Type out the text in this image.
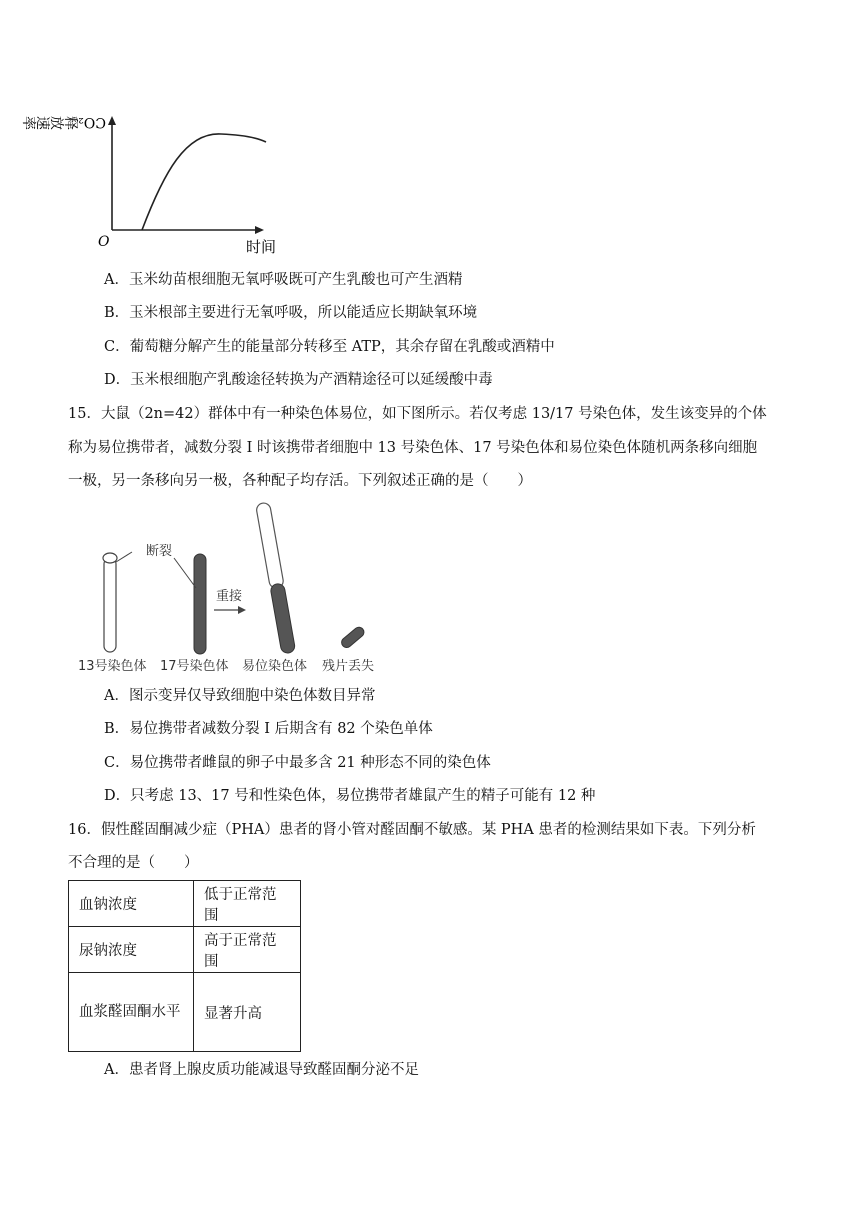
CO₂释放速率
O	时间
A．玉米幼苗根细胞无氧呼吸既可产生乳酸也可产生酒精
B．玉米根部主要进行无氧呼吸，所以能适应长期缺氧环境
C．葡萄糖分解产生的能量部分转移至 ATP，其余存留在乳酸或酒精中
D．玉米根细胞产乳酸途径转换为产酒精途径可以延缓酸中毒
15．大鼠（2n=42）群体中有一种染色体易位，如下图所示。若仅考虑 13/17 号染色体，发生该变异的个体
称为易位携带者，减数分裂 I 时该携带者细胞中 13 号染色体、17 号染色体和易位染色体随机两条移向细胞
一极，另一条移向另一极，各种配子均存活。下列叙述正确的是（　　）
断裂
重接
13号染色体 17号染色体 易位染色体 残片丢失
A．图示变异仅导致细胞中染色体数目异常
B．易位携带者减数分裂 I 后期含有 82 个染色单体
C．易位携带者雌鼠的卵子中最多含 21 种形态不同的染色体
D．只考虑 13、17 号和性染色体，易位携带者雄鼠产生的精子可能有 12 种
16．假性醛固酮减少症（PHA）患者的肾小管对醛固酮不敏感。某 PHA 患者的检测结果如下表。下列分析
不合理的是（　　）
血钠浓度	低于正常范围
尿钠浓度	高于正常范围
血浆醛固酮水平	显著升高
A．患者肾上腺皮质功能减退导致醛固酮分泌不足
